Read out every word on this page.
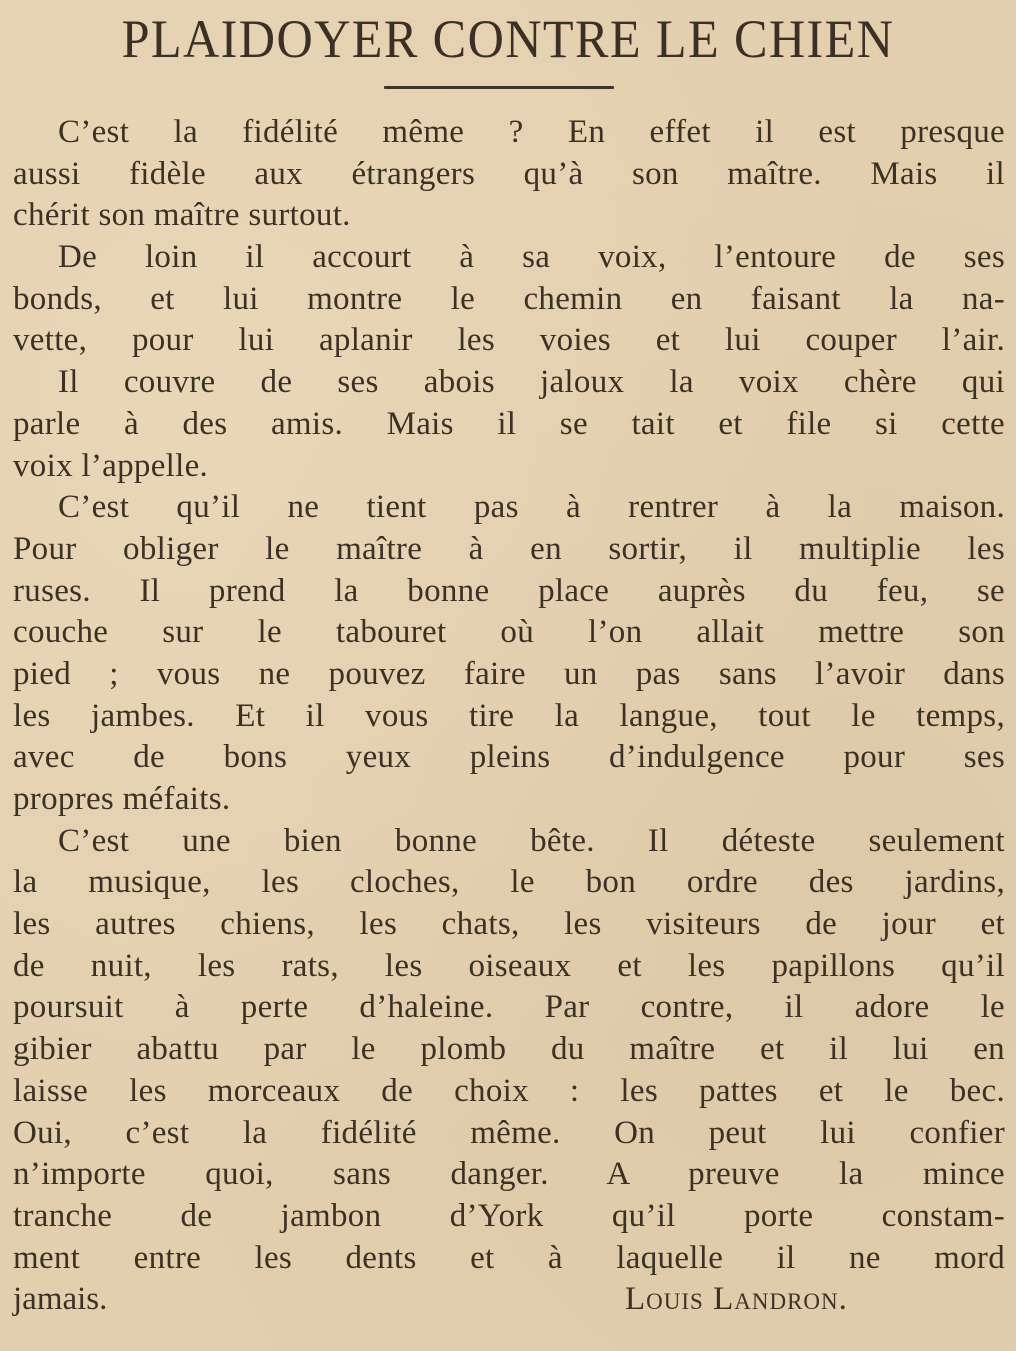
PLAIDOYER CONTRE LE CHIEN
C’est la fidélité même ? En effet il est presque
aussi fidèle aux étrangers qu’à son maître. Mais il
chérit son maître surtout.
De loin il accourt à sa voix, l’entoure de ses
bonds, et lui montre le chemin en faisant la na-
vette, pour lui aplanir les voies et lui couper l’air.
Il couvre de ses abois jaloux la voix chère qui
parle à des amis. Mais il se tait et file si cette
voix l’appelle.
C’est qu’il ne tient pas à rentrer à la maison.
Pour obliger le maître à en sortir, il multiplie les
ruses. Il prend la bonne place auprès du feu, se
couche sur le tabouret où l’on allait mettre son
pied ; vous ne pouvez faire un pas sans l’avoir dans
les jambes. Et il vous tire la langue, tout le temps,
avec de bons yeux pleins d’indulgence pour ses
propres méfaits.
C’est une bien bonne bête. Il déteste seulement
la musique, les cloches, le bon ordre des jardins,
les autres chiens, les chats, les visiteurs de jour et
de nuit, les rats, les oiseaux et les papillons qu’il
poursuit à perte d’haleine. Par contre, il adore le
gibier abattu par le plomb du maître et il lui en
laisse les morceaux de choix : les pattes et le bec.
Oui, c’est la fidélité même. On peut lui confier
n’importe quoi, sans danger. A preuve la mince
tranche de jambon d’York qu’il porte constam-
ment entre les dents et à laquelle il ne mord
jamais.	Louis Landron.
